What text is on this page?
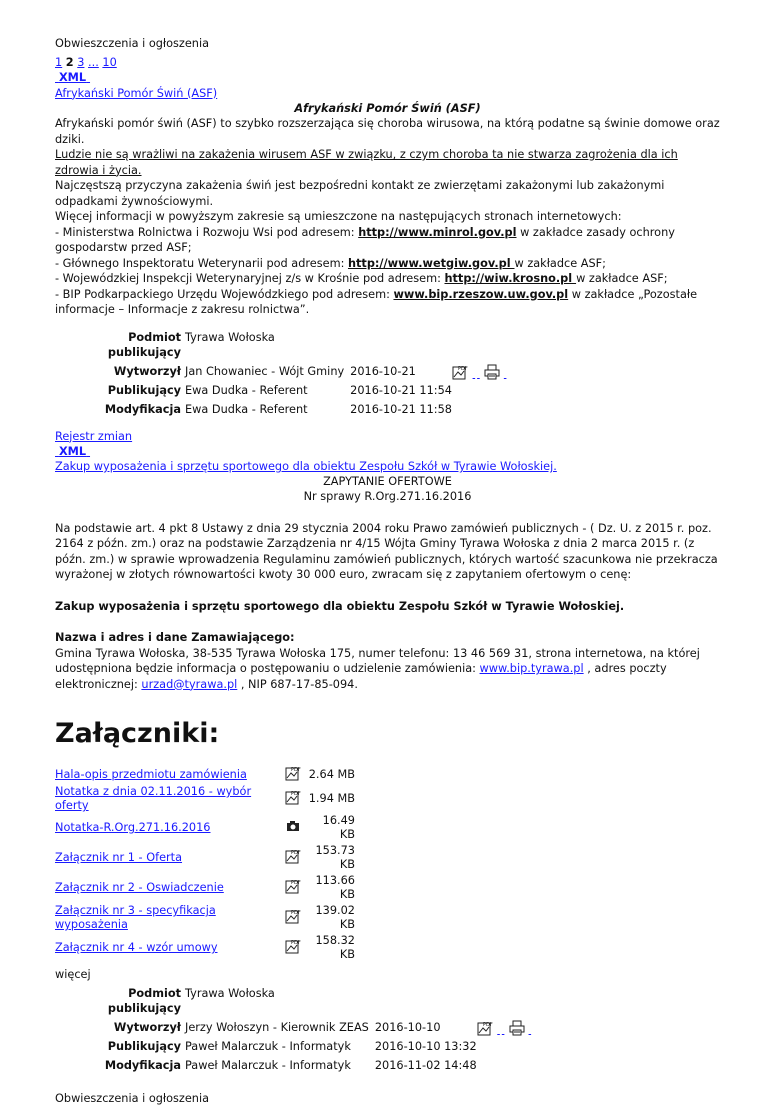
Obwieszczenia i ogłoszenia
1 2 3 ... 10
XML
Afrykański Pomór Świń (ASF)
Afrykański Pomór Świń (ASF)
Afrykański pomór świń (ASF) to szybko rozszerzająca się choroba wirusowa, na którą podatne są świnie domowe oraz dziki.
Ludzie nie są wrażliwi na zakażenia wirusem ASF w związku, z czym choroba ta nie stwarza zagrożenia dla ich zdrowia i życia.
Najczęstszą przyczyna zakażenia świń jest bezpośredni kontakt ze zwierzętami zakażonymi lub zakażonymi odpadkami żywnościowymi.
Więcej informacji w powyższym zakresie są umieszczone na następujących stronach internetowych:
- Ministerstwa Rolnictwa i Rozwoju Wsi pod adresem: http://www.minrol.gov.pl w zakładce zasady ochrony gospodarstw przed ASF;
- Głównego Inspektoratu Weterynarii pod adresem: http://www.wetgiw.gov.pl w zakładce ASF;
- Wojewódzkiej Inspekcji Weterynaryjnej z/s w Krośnie pod adresem: http://wiw.krosno.pl w zakładce ASF;
- BIP Podkarpackiego Urzędu Wojewódzkiego pod adresem: www.bip.rzeszow.uw.gov.pl w zakładce „Pozostałe informacje – Informacje z zakresu rolnictwa”.
Podmiot publikujący	Tyrawa Wołoska		
Wytworzył	Jan Chowaniec - Wójt Gminy	2016-10-21	PDF

Publikujący	Ewa Dudka - Referent	2016-10-21 11:54	
Modyfikacja	Ewa Dudka - Referent	2016-10-21 11:58	
Rejestr zmian
XML
Zakup wyposażenia i sprzętu sportowego dla obiektu Zespołu Szkół w Tyrawie Wołoskiej.
ZAPYTANIE OFERTOWE
Nr sprawy R.Org.271.16.2016
Na podstawie art. 4 pkt 8 Ustawy z dnia 29 stycznia 2004 roku Prawo zamówień publicznych - ( Dz. U. z 2015 r. poz. 2164 z późn. zm.) oraz na podstawie Zarządzenia nr 4/15 Wójta Gminy Tyrawa Wołoska z dnia 2 marca 2015 r. (z późn. zm.) w sprawie wprowadzenia Regulaminu zamówień publicznych, których wartość szacunkowa nie przekracza wyrażonej w złotych równowartości kwoty 30 000 euro, zwracam się z zapytaniem ofertowym o cenę:
Zakup wyposażenia i sprzętu sportowego dla obiektu Zespołu Szkół w Tyrawie Wołoskiej.
Nazwa i adres i dane Zamawiającego:
Gmina Tyrawa Wołoska, 38-535 Tyrawa Wołoska 175, numer telefonu: 13 46 569 31, strona internetowa, na której udostępniona będzie informacja o postępowaniu o udzielenie zamówienia: www.bip.tyrawa.pl , adres poczty elektronicznej: urzad@tyrawa.pl , NIP 687-17-85-094.
Załączniki:
Hala-opis przedmiotu zamówienia	PDF	2.64 MB
Notatka z dnia 02.11.2016 - wybór oferty	PDF	1.94 MB
Notatka-R.Org.271.16.2016		16.49 KB
Załącznik nr 1 - Oferta	PDF	153.73 KB
Załącznik nr 2 - Oswiadczenie	PDF	113.66 KB
Załącznik nr 3 - specyfikacja wyposażenia	PDF	139.02 KB
Załącznik nr 4 - wzór umowy	PDF	158.32 KB
więcej
Podmiot publikujący	Tyrawa Wołoska		
Wytworzył	Jerzy Wołoszyn - Kierownik ZEAS	2016-10-10	PDF

Publikujący	Paweł Malarczuk - Informatyk	2016-10-10 13:32	
Modyfikacja	Paweł Malarczuk - Informatyk	2016-11-02 14:48	
Obwieszczenia i ogłoszenia
